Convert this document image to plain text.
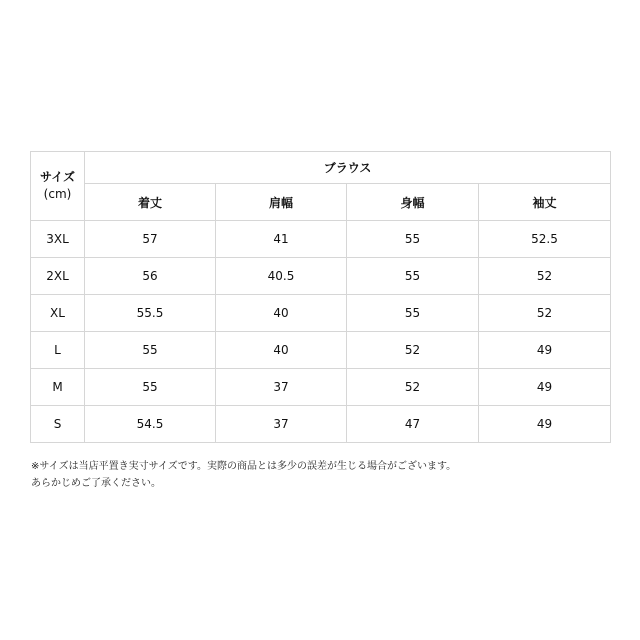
サイズ
(cm)	ブラウス			
	着丈	肩幅	身幅	袖丈
3XL	57	41	55	52.5
2XL	56	40.5	55	52
XL	55.5	40	55	52
L	55	40	52	49
M	55	37	52	49
S	54.5	37	47	49
※サイズは当店平置き実寸サイズです。実際の商品とは多少の誤差が生じる場合がございます。
あらかじめご了承ください。
